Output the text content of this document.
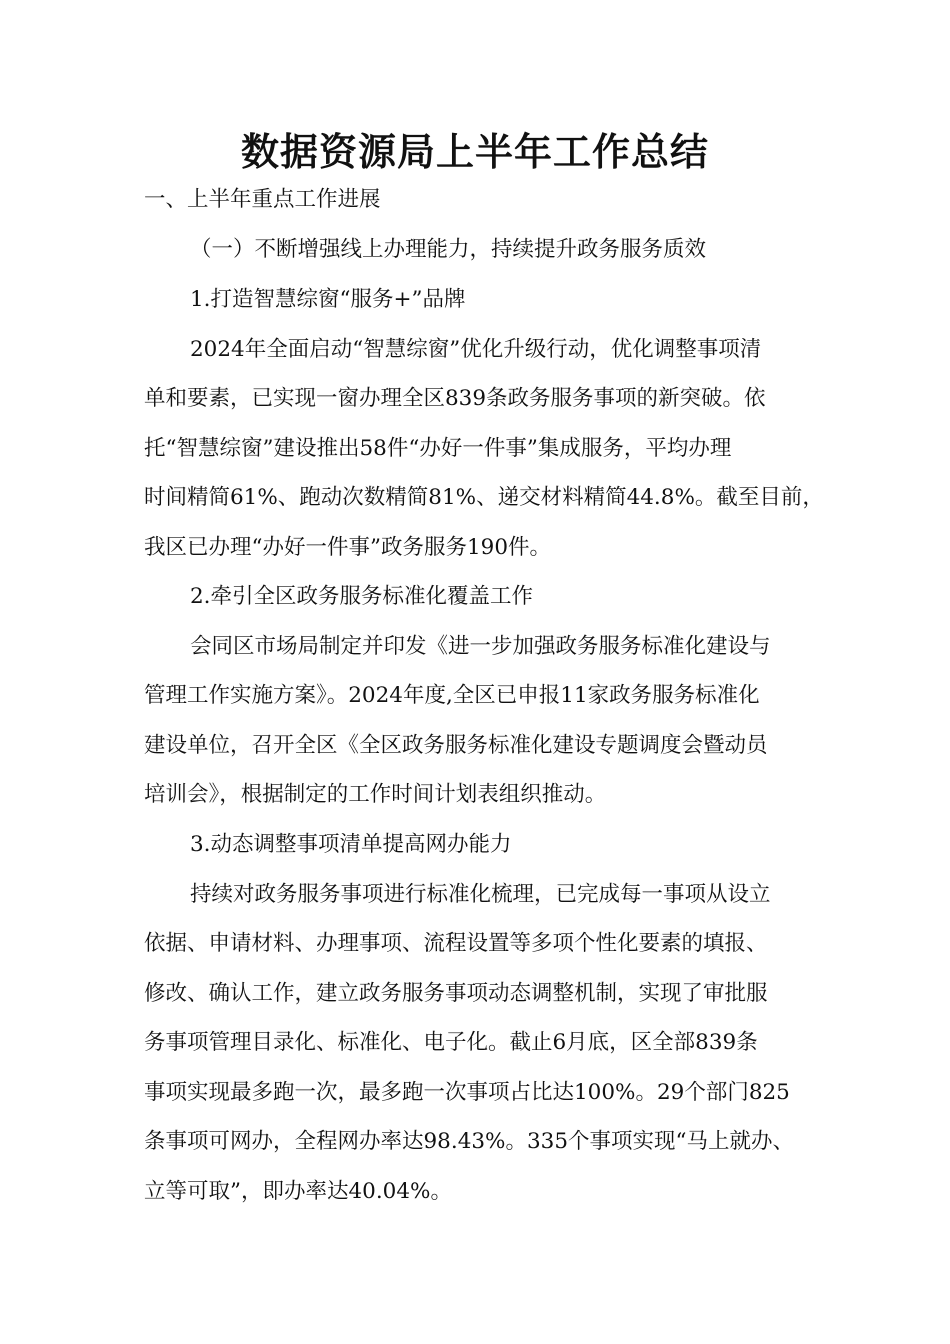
数据资源局上半年工作总结
一、上半年重点工作进展
（一）不断增强线上办理能力，持续提升政务服务质效
1.打造智慧综窗“服务+”品牌
2024年全面启动“智慧综窗”优化升级行动，优化调整事项清
单和要素，已实现一窗办理全区839条政务服务事项的新突破。依
托“智慧综窗”建设推出58件“办好一件事”集成服务，平均办理
时间精简61%、跑动次数精简81%、递交材料精简44.8%。截至目前，
我区已办理“办好一件事”政务服务190件。
2.牵引全区政务服务标准化覆盖工作
会同区市场局制定并印发《进一步加强政务服务标准化建设与
管理工作实施方案》。2024年度,全区已申报11家政务服务标准化
建设单位，召开全区《全区政务服务标准化建设专题调度会暨动员
培训会》，根据制定的工作时间计划表组织推动。
3.动态调整事项清单提高网办能力
持续对政务服务事项进行标准化梳理，已完成每一事项从设立
依据、申请材料、办理事项、流程设置等多项个性化要素的填报、
修改、确认工作，建立政务服务事项动态调整机制，实现了审批服
务事项管理目录化、标准化、电子化。截止6月底，区全部839条
事项实现最多跑一次，最多跑一次事项占比达100%。29个部门825
条事项可网办，全程网办率达98.43%。335个事项实现“马上就办、
立等可取”，即办率达40.04%。
